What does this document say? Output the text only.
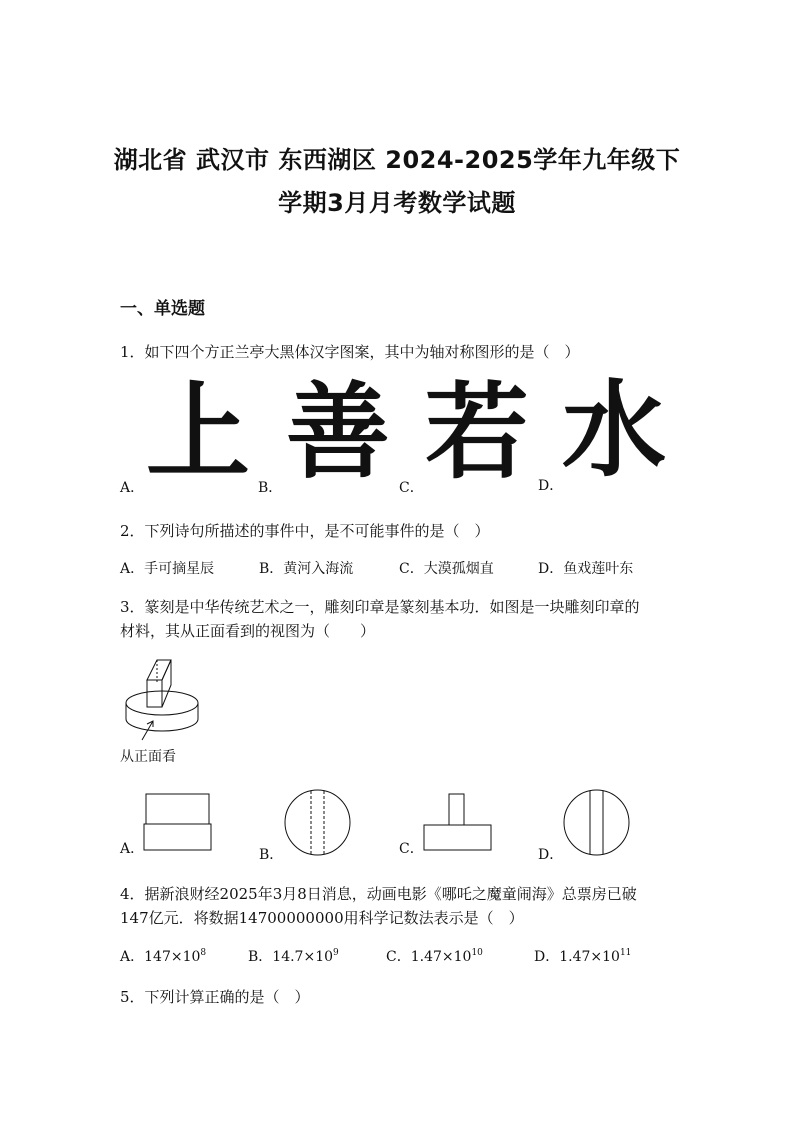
湖北省 武汉市 东西湖区 2024-2025学年九年级下
学期3月月考数学试题
一、单选题
1．如下四个方正兰亭大黑体汉字图案，其中为轴对称图形的是（　）
A． 上 B． 善 C． 若 D．
水
2．下列诗句所描述的事件中，是不可能事件的是（　）
A．手可摘星辰	B．黄河入海流	C．大漠孤烟直	D．鱼戏莲叶东
3．篆刻是中华传统艺术之一，雕刻印章是篆刻基本功．如图是一块雕刻印章的
材料，其从正面看到的视图为（　　）
从正面看
A．	B．	C．	D．
4．据新浪财经2025年3月8日消息，动画电影《哪吒之魔童闹海》总票房已破
147亿元．将数据14700000000用科学记数法表示是（　）
A．$147\times 10^8$	B．$14.7\times 10^9$	C．$1.47\times 10^{10}$	D．$1.47\times 10^{11}$
5．下列计算正确的是（　）
